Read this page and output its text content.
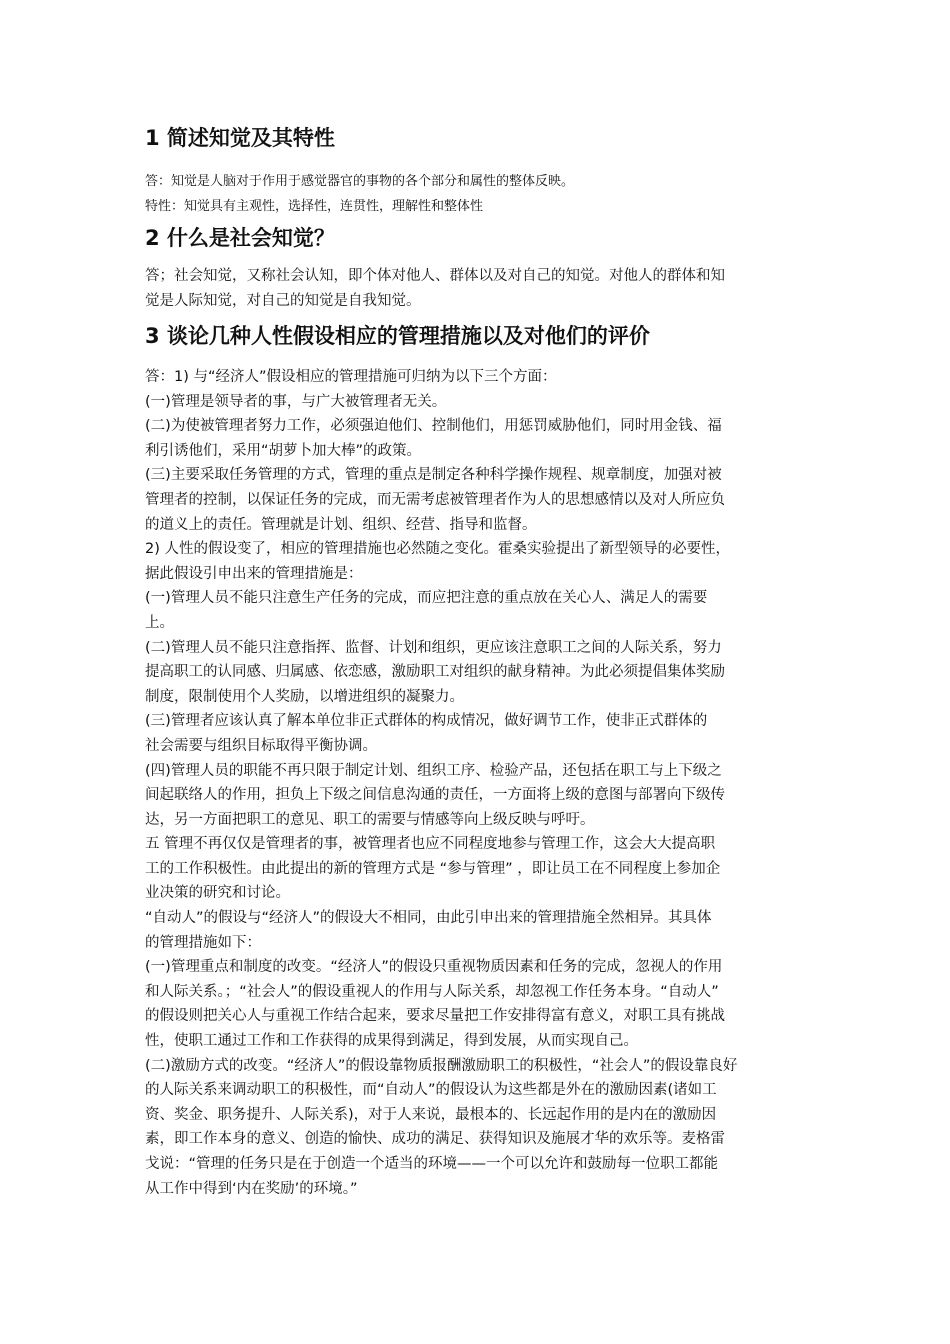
1 简述知觉及其特性
答：知觉是人脑对于作用于感觉器官的事物的各个部分和属性的整体反映。
特性：知觉具有主观性，选择性，连贯性，理解性和整体性
2 什么是社会知觉？
答；社会知觉，又称社会认知，即个体对他人、群体以及对自己的知觉。对他人的群体和知
觉是人际知觉，对自己的知觉是自我知觉。
3 谈论几种人性假设相应的管理措施以及对他们的评价
答：1) 与“经济人”假设相应的管理措施可归纳为以下三个方面：
(一)管理是领导者的事，与广大被管理者无关。
(二)为使被管理者努力工作，必须强迫他们、控制他们，用惩罚威胁他们，同时用金钱、福
利引诱他们，采用“胡萝卜加大棒”的政策。
(三)主要采取任务管理的方式，管理的重点是制定各种科学操作规程、规章制度，加强对被
管理者的控制，以保证任务的完成，而无需考虑被管理者作为人的思想感情以及对人所应负
的道义上的责任。管理就是计划、组织、经营、指导和监督。
2) 人性的假设变了，相应的管理措施也必然随之变化。霍桑实验提出了新型领导的必要性，
据此假设引申出来的管理措施是：
(一)管理人员不能只注意生产任务的完成，而应把注意的重点放在关心人、满足人的需要
上。
(二)管理人员不能只注意指挥、监督、计划和组织，更应该注意职工之间的人际关系，努力
提高职工的认同感、归属感、依恋感，激励职工对组织的献身精神。为此必须提倡集体奖励
制度，限制使用个人奖励，以增进组织的凝聚力。
(三)管理者应该认真了解本单位非正式群体的构成情况，做好调节工作，使非正式群体的
社会需要与组织目标取得平衡协调。
(四)管理人员的职能不再只限于制定计划、组织工序、检验产品，还包括在职工与上下级之
间起联络人的作用，担负上下级之间信息沟通的责任，一方面将上级的意图与部署向下级传
达，另一方面把职工的意见、职工的需要与情感等向上级反映与呼吁。
五 管理不再仅仅是管理者的事，被管理者也应不同程度地参与管理工作，这会大大提高职
工的工作积极性。由此提出的新的管理方式是 “参与管理” ，即让员工在不同程度上参加企
业决策的研究和讨论。
“自动人”的假设与“经济人”的假设大不相同，由此引申出来的管理措施全然相异。其具体
的管理措施如下：
(一)管理重点和制度的改变。“经济人”的假设只重视物质因素和任务的完成，忽视人的作用
和人际关系。；“社会人”的假设重视人的作用与人际关系，却忽视工作任务本身。“自动人”
的假设则把关心人与重视工作结合起来，要求尽量把工作安排得富有意义，对职工具有挑战
性，使职工通过工作和工作获得的成果得到满足，得到发展，从而实现自己。
(二)激励方式的改变。“经济人”的假设靠物质报酬激励职工的积极性，“社会人”的假设靠良好
的人际关系来调动职工的积极性，而“自动人”的假设认为这些都是外在的激励因素(诸如工
资、奖金、职务提升、人际关系)，对于人来说，最根本的、长远起作用的是内在的激励因
素，即工作本身的意义、创造的愉快、成功的满足、获得知识及施展才华的欢乐等。麦格雷
戈说：“管理的任务只是在于创造一个适当的环境——一个可以允许和鼓励每一位职工都能
从工作中得到‘内在奖励’的环境。”
